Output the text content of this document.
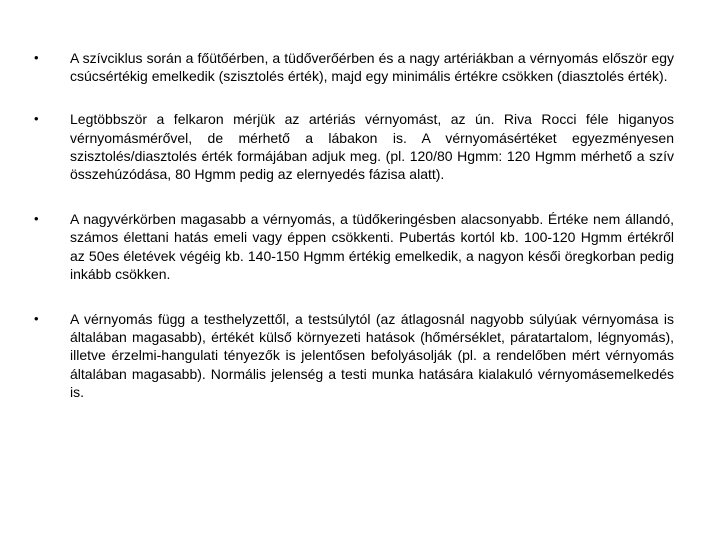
• A szívciklus során a főütőérben, a tüdőverőérben és a nagy artériákban a vérnyomás először egy csúcsértékig emelkedik (szisztolés érték), majd egy minimális értékre csökken (diasztolés érték).
• Legtöbbször a felkaron mérjük az artériás vérnyomást, az ún. Riva Rocci féle higanyos vérnyomásmérővel, de mérhető a lábakon is. A vérnyomásértéket egyezményesen szisztolés/diasztolés érték formájában adjuk meg. (pl. 120/80 Hgmm: 120 Hgmm mérhető a szív összehúzódása, 80 Hgmm pedig az elernyedés fázisa alatt).
• A nagyvérkörben magasabb a vérnyomás, a tüdőkeringésben alacsonyabb. Értéke nem állandó, számos élettani hatás emeli vagy éppen csökkenti. Pubertás kortól kb. 100-120 Hgmm értékről az 50es életévek végéig kb. 140-150 Hgmm értékig emelkedik, a nagyon késői öregkorban pedig inkább csökken.
• A vérnyomás függ a testhelyzettől, a testsúlytól (az átlagosnál nagyobb súlyúak vérnyomása is általában magasabb), értékét külső környezeti hatások (hőmérséklet, páratartalom, légnyomás), illetve érzelmi-hangulati tényezők is jelentősen befolyásolják (pl. a rendelőben mért vérnyomás általában magasabb). Normális jelenség a testi munka hatására kialakuló vérnyomásemelkedés is.
